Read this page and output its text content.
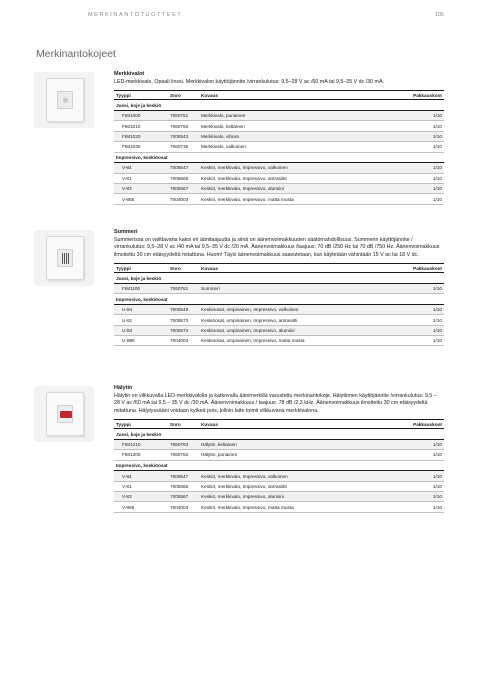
MERKINANTOTUOTTEET	105
Merkinantokojeet
Merkkivalot
LED-merkkivalo. Opaali linssi. Merkkivalon käyttöjännite /virrankulutus: 9,5–28 V ac /60 mA tai 9,5–35 V dc /30 mA.
Tyyppi	Snro	Kuvaus	Pakkauskoot
Jussi, koje ja keskiö			
FIM1000	7060751	Merkkivalo, punainen	1/10
FIM1010	7060760	Merkkivalo, keltainen	1/10
FIM1020	7005543	Merkkivalo, vihreä	1/10
FIM1030	7060735	Merkkivalo, valkoinen	1/10
Impressivo, keskiöosat			
V-84	7005547	Keskiö, merkkivalo, Impressivo, valkoinen	1/10
V-81	7005566	Keskiö, merkkivalo, Impressivo, antrasiitti	1/10
V-83	7005567	Keskiö, merkkivalo, Impressivo, alumiini	1/10
V-885	7004003	Keskiö, merkkivalo, Impressivo, matta musta	1/10
Summeri
Summerissa on valittavana kaksi eri äänitaajuutta ja siinä on äänenvoimakkuuden säätömahdollisuus. Summerin käyttöjännite / virrankulutus: 9,5–28 V ac /40 mA tai 9,5–35 V dc /20 mA. Äänenvoimakkuus /taajuus: 70 dB /250 Hz tai 70 dB /750 Hz. Äänenvoimakkuus ilmoitettu 30 cm etäisyydeltä mitattuna. Huom! Täysi äänenvoimakkuus saavutetaan, kun käytetään vähintään 15 V ac tai 18 V dc.
Tyyppi	Snro	Kuvaus	Pakkauskoot
Jussi, koje ja keskiö			
FIM1100	7060761	Summeri	1/10
Impressivo, keskiöosat			
U-84	7005549	Keskiöosat, umpinainen, Impressivo, valkoinen	1/10
U-81	7005573	Keskiöosat, umpinainen, Impressivo, antrasiitti	1/10
U-83	7005574	Keskiöosat, umpinainen, Impressivo, alumiini	1/10
U-885	7004004	Keskiöosat, umpinainen, Impressivo, matta musta	1/10
Hälytin
Hälytin on vilkkuvalla LED-merkkivalolla ja katkovalla äänimerkillä varustettu merkinantokoje. Hälyttimen käyttöjännite /virrankulutus: 9,5 – 28 V ac /60 mA tai 9,5 – 35 V dc /30 mA. Äänenvoimakkuus / taajuus: 78 dB /2,3 kHz. Äänenvoimakkuus ilmoitettu 30 cm etäisyydeltä mitattuna. Hälytyssääni voidaan kytkeä pois, jolloin laite toimii vilkkuvana merkkivalona.
Tyyppi	Snro	Kuvaus	Pakkauskoot
Jussi, koje ja keskiö			
FIM1210	7060763	Hälytin, keltainen	1/10
FIM1200	7060752	Hälytin, punainen	1/10
Impressivo, keskiöosat			
V-84	7005547	Keskiö, merkkivalo, Impressivo, valkoinen	1/10
V-81	7005566	Keskiö, merkkivalo, Impressivo, antrasiitti	1/10
V-83	7005567	Keskiö, merkkivalo, Impressivo, alumiini	1/10
V-885	7004003	Keskiö, merkkivalo, Impressivo, matta musta	1/10
